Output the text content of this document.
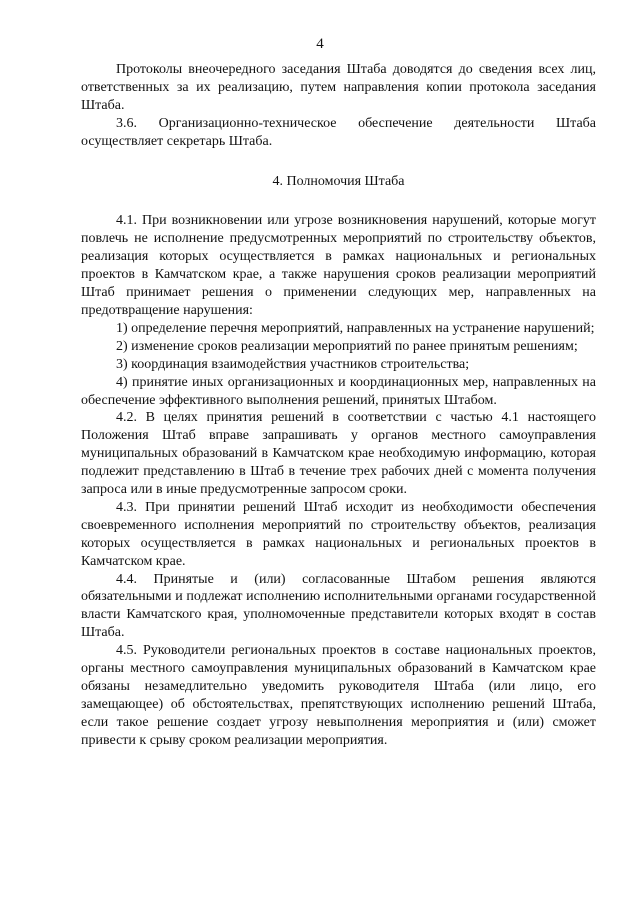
4

Протоколы внеочередного заседания Штаба доводятся до сведения всех лиц, ответственных за их реализацию, путем направления копии протокола заседания Штаба.

3.6. Организационно-техническое обеспечение деятельности Штаба осуществляет секретарь Штаба.

4. Полномочия Штаба

4.1. При возникновении или угрозе возникновения нарушений, которые могут повлечь не исполнение предусмотренных мероприятий по строительству объектов, реализация которых осуществляется в рамках национальных и региональных проектов в Камчатском крае, а также нарушения сроков реализации мероприятий Штаб принимает решения о применении следующих мер, направленных на предотвращение нарушения:

1) определение перечня мероприятий, направленных на устранение нарушений;

2) изменение сроков реализации мероприятий по ранее принятым решениям;

3) координация взаимодействия участников строительства;

4) принятие иных организационных и координационных мер, направленных на обеспечение эффективного выполнения решений, принятых Штабом.

4.2. В целях принятия решений в соответствии с частью 4.1 настоящего Положения Штаб вправе запрашивать у органов местного самоуправления муниципальных образований в Камчатском крае необходимую информацию, которая подлежит представлению в Штаб в течение трех рабочих дней с момента получения запроса или в иные предусмотренные запросом сроки.

4.3. При принятии решений Штаб исходит из необходимости обеспечения своевременного исполнения мероприятий по строительству объектов, реализация которых осуществляется в рамках национальных и региональных проектов в Камчатском крае.

4.4. Принятые и (или) согласованные Штабом решения являются обязательными и подлежат исполнению исполнительными органами государственной власти Камчатского края, уполномоченные представители которых входят в состав Штаба.

4.5. Руководители региональных проектов в составе национальных проектов, органы местного самоуправления муниципальных образований в Камчатском крае обязаны незамедлительно уведомить руководителя Штаба (или лицо, его замещающее) об обстоятельствах, препятствующих исполнению решений Штаба, если такое решение создает угрозу невыполнения мероприятия и (или) сможет привести к срыву сроком реализации мероприятия.
